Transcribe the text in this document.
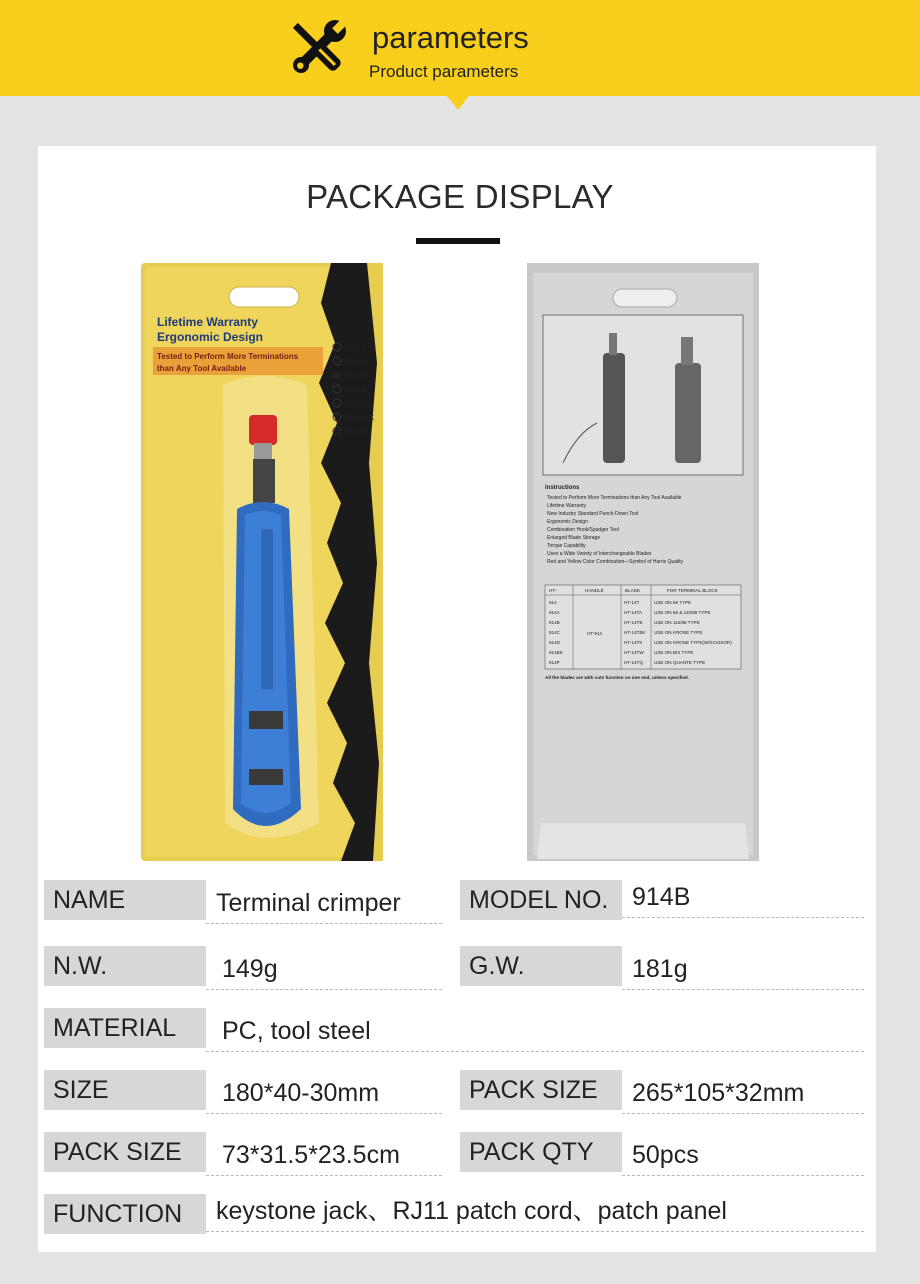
parameters
Product parameters
PACKAGE DISPLAY
Lifetime Warranty
Ergonomic Design
Tested to Perform More Terminations
than Any Tool Available
HT-914
HT-914A
HT-914B
HT-914C
HT-914D
HT-914BK
HT-914P
Instructions
Tested to Perform More Terminations than Any Tool Available
Lifetime Warranty
New Industry Standard Punch-Down Tool
Ergonomic Design
Combination Hook/Spudger Tool
Enlarged Blade Storage
Torque Capability
Uses a Wide Variety of Interchangeable Blades
Red and Yellow Color Combination—Symbol of Harris Quality
HT-	HANDLE	BLADE	FOR TERMINAL BLOCK
HT-914
914	HT-14T	USE ON 66 TYPE
914A	HT-14TA	USE ON 66 & 110/88 TYPE
914B	HT-14TB	USE ON 110/88 TYPE
914C	HT-14TBK USE ON KRONE TYPE
914D	HT-14TK	USE ON KRONE TYPE(W/SCISSOR)
914BK	HT-14TW USE ON BIX TYPE
914P	HT-14TQ USE ON QUANTE TYPE
All the blades are with cuts function on one end, unless specified.
NAME	Terminal crimper	MODEL NO. 914B
N.W.	149g	G.W.	181g
MATERIAL	PC, tool steel
SIZE	180*40-30mm	PACK SIZE	265*105*32mm
PACK SIZE	73*31.5*23.5cm	PACK QTY	50pcs
FUNCTION	keystone jack、RJ11 patch cord、patch panel
